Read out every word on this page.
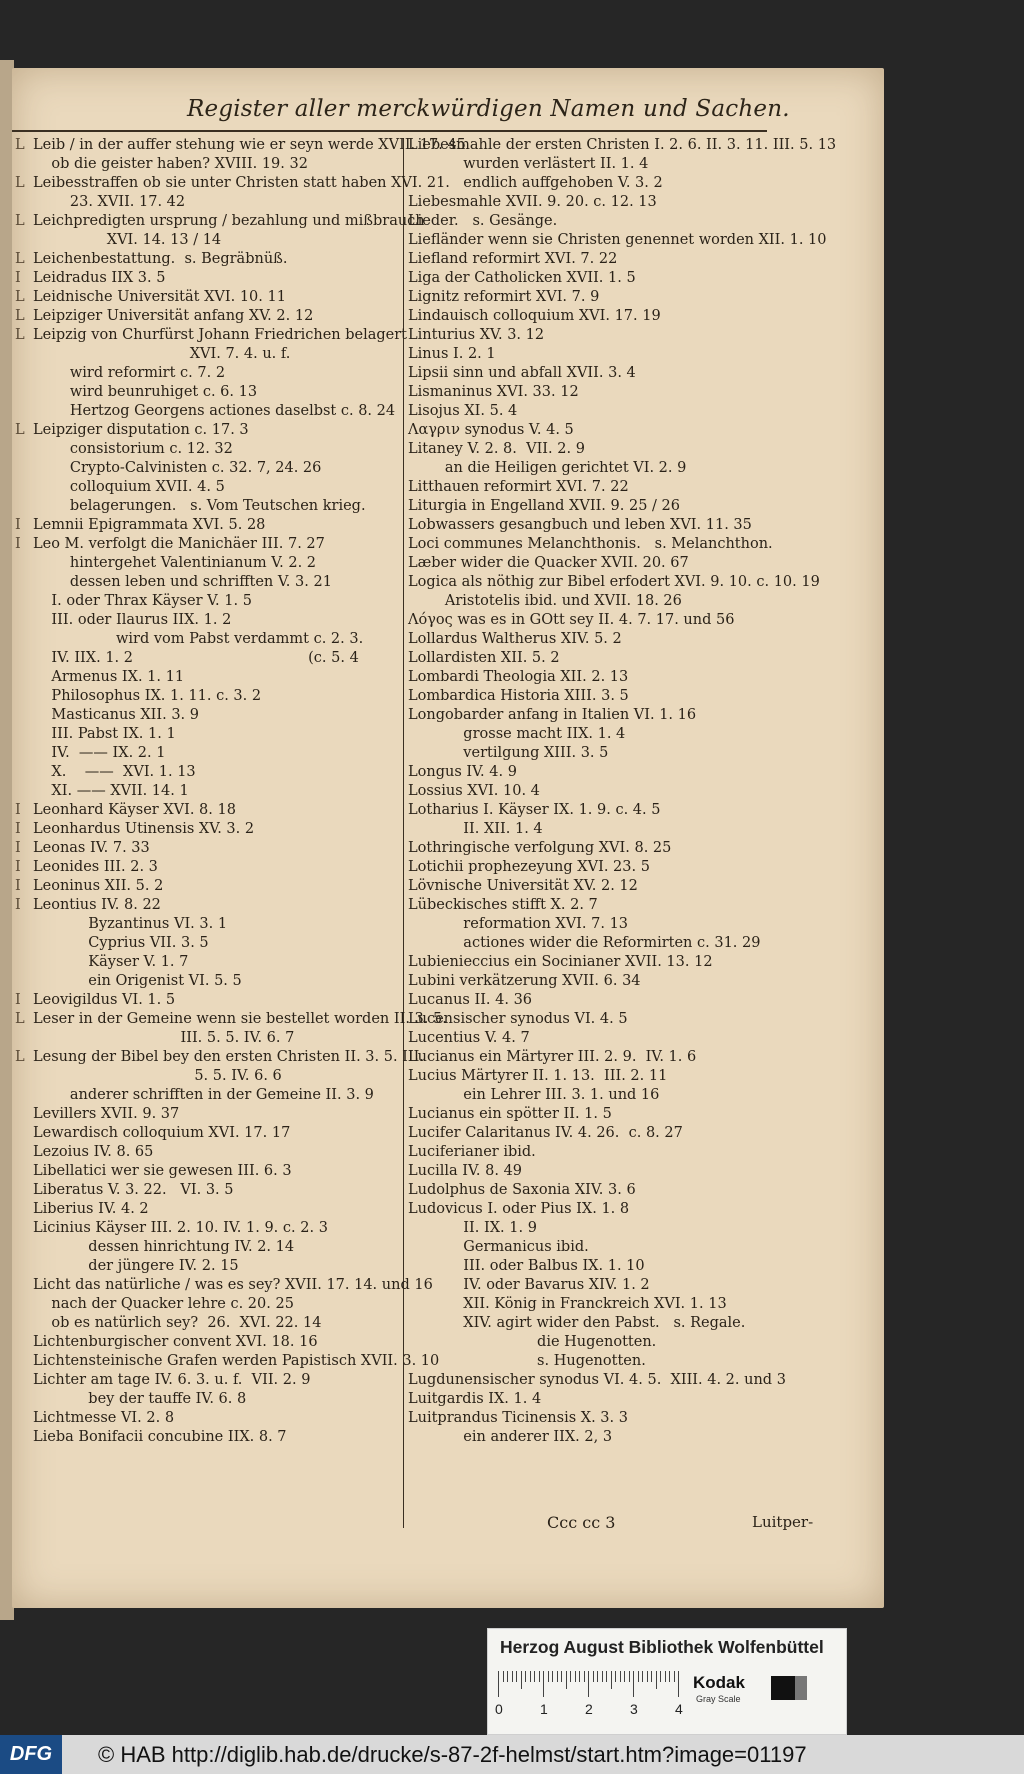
Register aller merckwürdigen Namen und Sachen.
L Leib / in der auffer stehung wie er seyn werde XVII. 17. 45
ob die geister haben? XVIII. 19. 32
L Leibesstraffen ob sie unter Christen statt haben XVI. 21.
23. XVII. 17. 42
L Leichpredigten ursprung / bezahlung und mißbrauch
XVI. 14. 13 / 14
L Leichenbestattung.  s. Begräbnüß.
I Leidradus IIX 3. 5
L Leidnische Universität XVI. 10. 11
L Leipziger Universität anfang XV. 2. 12
L Leipzig von Churfürst Johann Friedrichen belagert
XVI. 7. 4. u. f.
wird reformirt c. 7. 2
wird beunruhiget c. 6. 13
Hertzog Georgens actiones daselbst c. 8. 24
L Leipziger disputation c. 17. 3
consistorium c. 12. 32
Crypto-Calvinisten c. 32. 7, 24. 26
colloquium XVII. 4. 5
belagerungen.   s. Vom Teutschen krieg.
I Lemnii Epigrammata XVI. 5. 28
I Leo M. verfolgt die Manichäer III. 7. 27
hintergehet Valentinianum V. 2. 2
dessen leben und schrifften V. 3. 21
I. oder Thrax Käyser V. 1. 5
III. oder Ilaurus IIX. 1. 2
wird vom Pabst verdammt c. 2. 3.
IV. IIX. 1. 2                                      (c. 5. 4
Armenus IX. 1. 11
Philosophus IX. 1. 11. c. 3. 2
Masticanus XII. 3. 9
III. Pabst IX. 1. 1
IV.  —— IX. 2. 1
X.    ——  XVI. 1. 13
XI. —— XVII. 14. 1
I Leonhard Käyser XVI. 8. 18
I Leonhardus Utinensis XV. 3. 2
I Leonas IV. 7. 33
I Leonides III. 2. 3
I Leoninus XII. 5. 2
I Leontius IV. 8. 22
Byzantinus VI. 3. 1
Cyprius VII. 3. 5
Käyser V. 1. 7
ein Origenist VI. 5. 5
I Leovigildus VI. 1. 5
L Leser in der Gemeine wenn sie bestellet worden II. 3. 5.
III. 5. 5. IV. 6. 7
L Lesung der Bibel bey den ersten Christen II. 3. 5. III.
5. 5. IV. 6. 6
anderer schrifften in der Gemeine II. 3. 9
Levillers XVII. 9. 37
Lewardisch colloquium XVI. 17. 17
Lezoius IV. 8. 65
Libellatici wer sie gewesen III. 6. 3
Liberatus V. 3. 22.   VI. 3. 5
Liberius IV. 4. 2
Licinius Käyser III. 2. 10. IV. 1. 9. c. 2. 3
dessen hinrichtung IV. 2. 14
der jüngere IV. 2. 15
Licht das natürliche / was es sey? XVII. 17. 14. und 16
nach der Quacker lehre c. 20. 25
ob es natürlich sey?  26.  XVI. 22. 14
Lichtenburgischer convent XVI. 18. 16
Lichtensteinische Grafen werden Papistisch XVII. 3. 10
Lichter am tage IV. 6. 3. u. f.  VII. 2. 9
bey der tauffe IV. 6. 8
Lichtmesse VI. 2. 8
Lieba Bonifacii concubine IIX. 8. 7
Liebesmahle der ersten Christen I. 2. 6. II. 3. 11. III. 5. 13
wurden verlästert II. 1. 4
endlich auffgehoben V. 3. 2
Liebesmahle XVII. 9. 20. c. 12. 13
Lieder.   s. Gesänge.
Liefländer wenn sie Christen genennet worden XII. 1. 10
Liefland reformirt XVI. 7. 22
Liga der Catholicken XVII. 1. 5
Lignitz reformirt XVI. 7. 9
Lindauisch colloquium XVI. 17. 19
Linturius XV. 3. 12
Linus I. 2. 1
Lipsii sinn und abfall XVII. 3. 4
Lismaninus XVI. 33. 12
Lisojus XI. 5. 4
Λαγριν synodus V. 4. 5
Litaney V. 2. 8.  VII. 2. 9
an die Heiligen gerichtet VI. 2. 9
Litthauen reformirt XVI. 7. 22
Liturgia in Engelland XVII. 9. 25 / 26
Lobwassers gesangbuch und leben XVI. 11. 35
Loci communes Melanchthonis.   s. Melanchthon.
Læber wider die Quacker XVII. 20. 67
Logica als nöthig zur Bibel erfodert XVI. 9. 10. c. 10. 19
Aristotelis ibid. und XVII. 18. 26
Λόγος was es in GOtt sey II. 4. 7. 17. und 56
Lollardus Waltherus XIV. 5. 2
Lollardisten XII. 5. 2
Lombardi Theologia XII. 2. 13
Lombardica Historia XIII. 3. 5
Longobarder anfang in Italien VI. 1. 16
grosse macht IIX. 1. 4
vertilgung XIII. 3. 5
Longus IV. 4. 9
Lossius XVI. 10. 4
Lotharius I. Käyser IX. 1. 9. c. 4. 5
II. XII. 1. 4
Lothringische verfolgung XVI. 8. 25
Lotichii prophezeyung XVI. 23. 5
Lövnische Universität XV. 2. 12
Lübeckisches stifft X. 2. 7
reformation XVI. 7. 13
actiones wider die Reformirten c. 31. 29
Lubienieccius ein Socinianer XVII. 13. 12
Lubini verkätzerung XVII. 6. 34
Lucanus II. 4. 36
Lucensischer synodus VI. 4. 5
Lucentius V. 4. 7
Lucianus ein Märtyrer III. 2. 9.  IV. 1. 6
Lucius Märtyrer II. 1. 13.  III. 2. 11
ein Lehrer III. 3. 1. und 16
Lucianus ein spötter II. 1. 5
Lucifer Calaritanus IV. 4. 26.  c. 8. 27
Luciferianer ibid.
Lucilla IV. 8. 49
Ludolphus de Saxonia XIV. 3. 6
Ludovicus I. oder Pius IX. 1. 8
II. IX. 1. 9
Germanicus ibid.
III. oder Balbus IX. 1. 10
IV. oder Bavarus XIV. 1. 2
XII. König in Franckreich XVI. 1. 13
XIV. agirt wider den Pabst.   s. Regale.
die Hugenotten.
s. Hugenotten.
Lugdunensischer synodus VI. 4. 5.  XIII. 4. 2. und 3
Luitgardis IX. 1. 4
Luitprandus Ticinensis X. 3. 3
ein anderer IIX. 2, 3
Ccc cc 3	Luitper-
Herzog August Bibliothek Wolfenbüttel
0	1	2	3	4
Kodak
Gray Scale
DFG	© HAB http://diglib.hab.de/drucke/s-87-2f-helmst/start.htm?image=01197
